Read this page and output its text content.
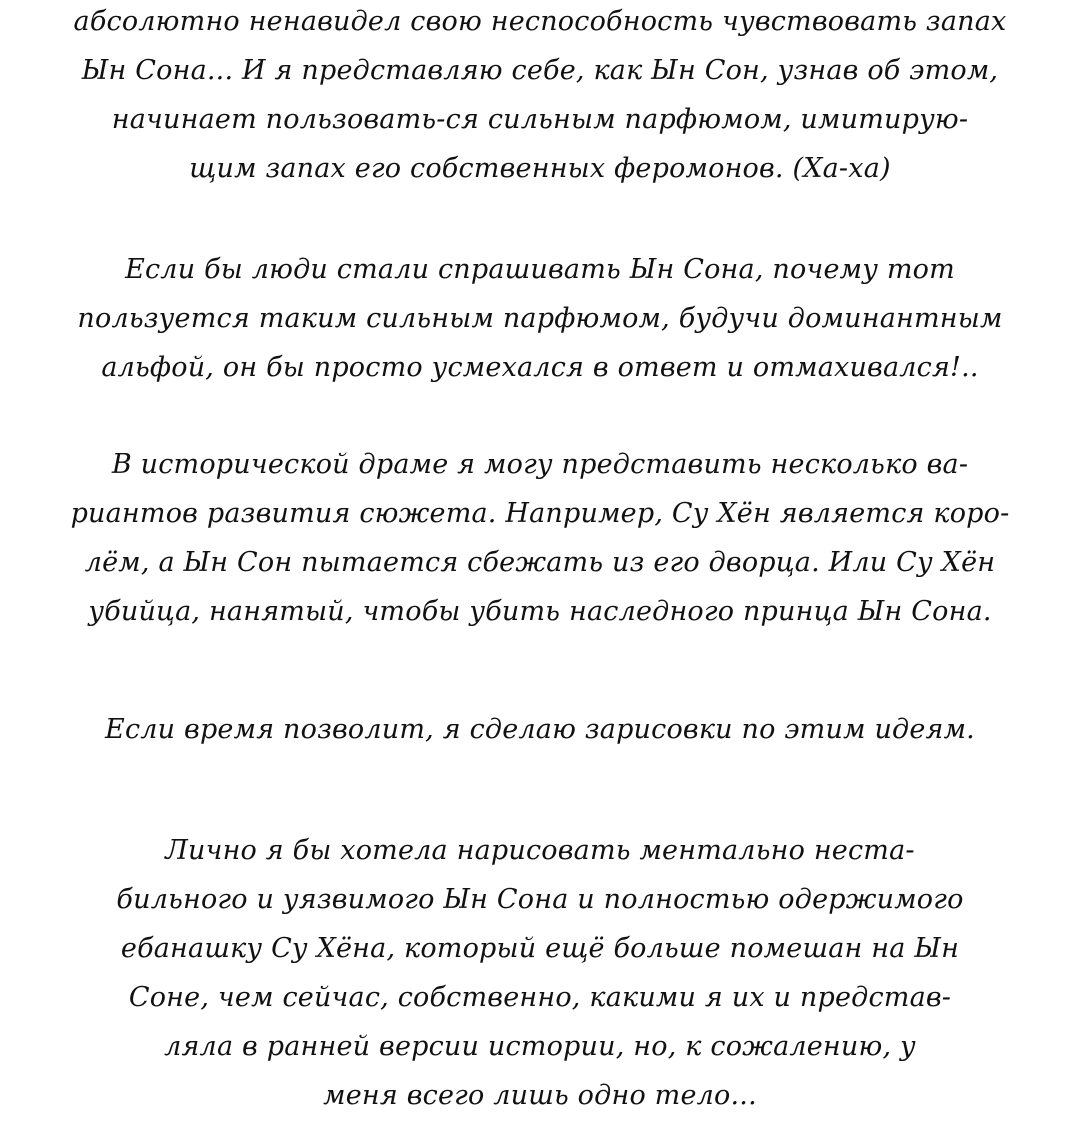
абсолютно ненавидел свою неспособность чувствовать запах
Ын Сона... И я представляю себе, как Ын Сон, узнав об этом,
начинает пользовать-ся сильным парфюмом, имитирую-
щим запах его собственных феромонов. (Ха-ха)
Если бы люди стали спрашивать Ын Сона, почему тот
пользуется таким сильным парфюмом, будучи доминантным
альфой, он бы просто усмехался в ответ и отмахивался!..
В исторической драме я могу представить несколько ва-
риантов развития сюжета. Например, Су Хён является коро-
лём, а Ын Сон пытается сбежать из его дворца. Или Су Хён
убийца, нанятый, чтобы убить наследного принца Ын Сона.
Если время позволит, я сделаю зарисовки по этим идеям.
Лично я бы хотела нарисовать ментально неста-
бильного и уязвимого Ын Сона и полностью одержимого
ебанашку Су Хёна, который ещё больше помешан на Ын
Соне, чем сейчас, собственно, какими я их и представ-
ляла в ранней версии истории, но, к сожалению, у
меня всего лишь одно тело...
